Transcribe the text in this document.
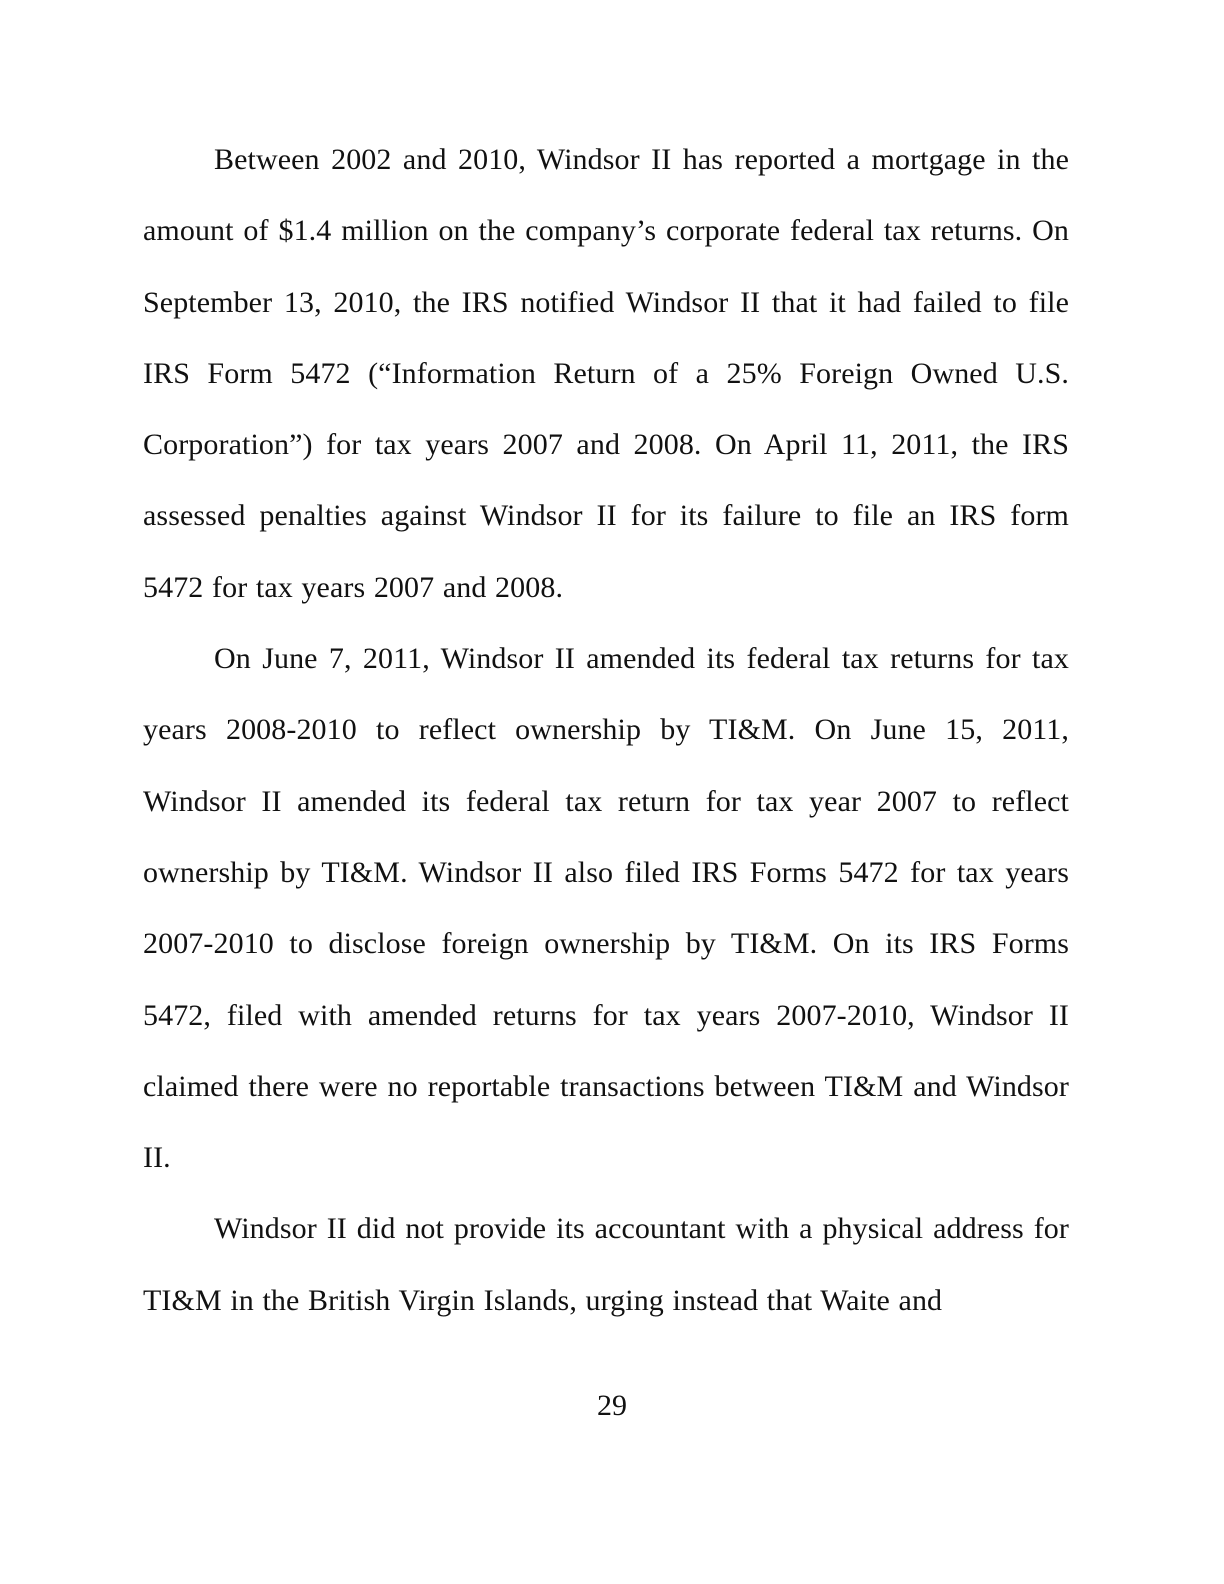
Between 2002 and 2010, Windsor II has reported a mortgage in the amount of $1.4 million on the company’s corporate federal tax returns. On September 13, 2010, the IRS notified Windsor II that it had failed to file IRS Form 5472 (“Information Return of a 25% Foreign Owned U.S. Corporation”) for tax years 2007 and 2008. On April 11, 2011, the IRS assessed penalties against Windsor II for its failure to file an IRS form 5472 for tax years 2007 and 2008.

On June 7, 2011, Windsor II amended its federal tax returns for tax years 2008-2010 to reflect ownership by TI&M. On June 15, 2011, Windsor II amended its federal tax return for tax year 2007 to reflect ownership by TI&M. Windsor II also filed IRS Forms 5472 for tax years 2007-2010 to disclose foreign ownership by TI&M. On its IRS Forms 5472, filed with amended returns for tax years 2007-2010, Windsor II claimed there were no reportable transactions between TI&M and Windsor II.

Windsor II did not provide its accountant with a physical address for TI&M in the British Virgin Islands, urging instead that Waite and

29
